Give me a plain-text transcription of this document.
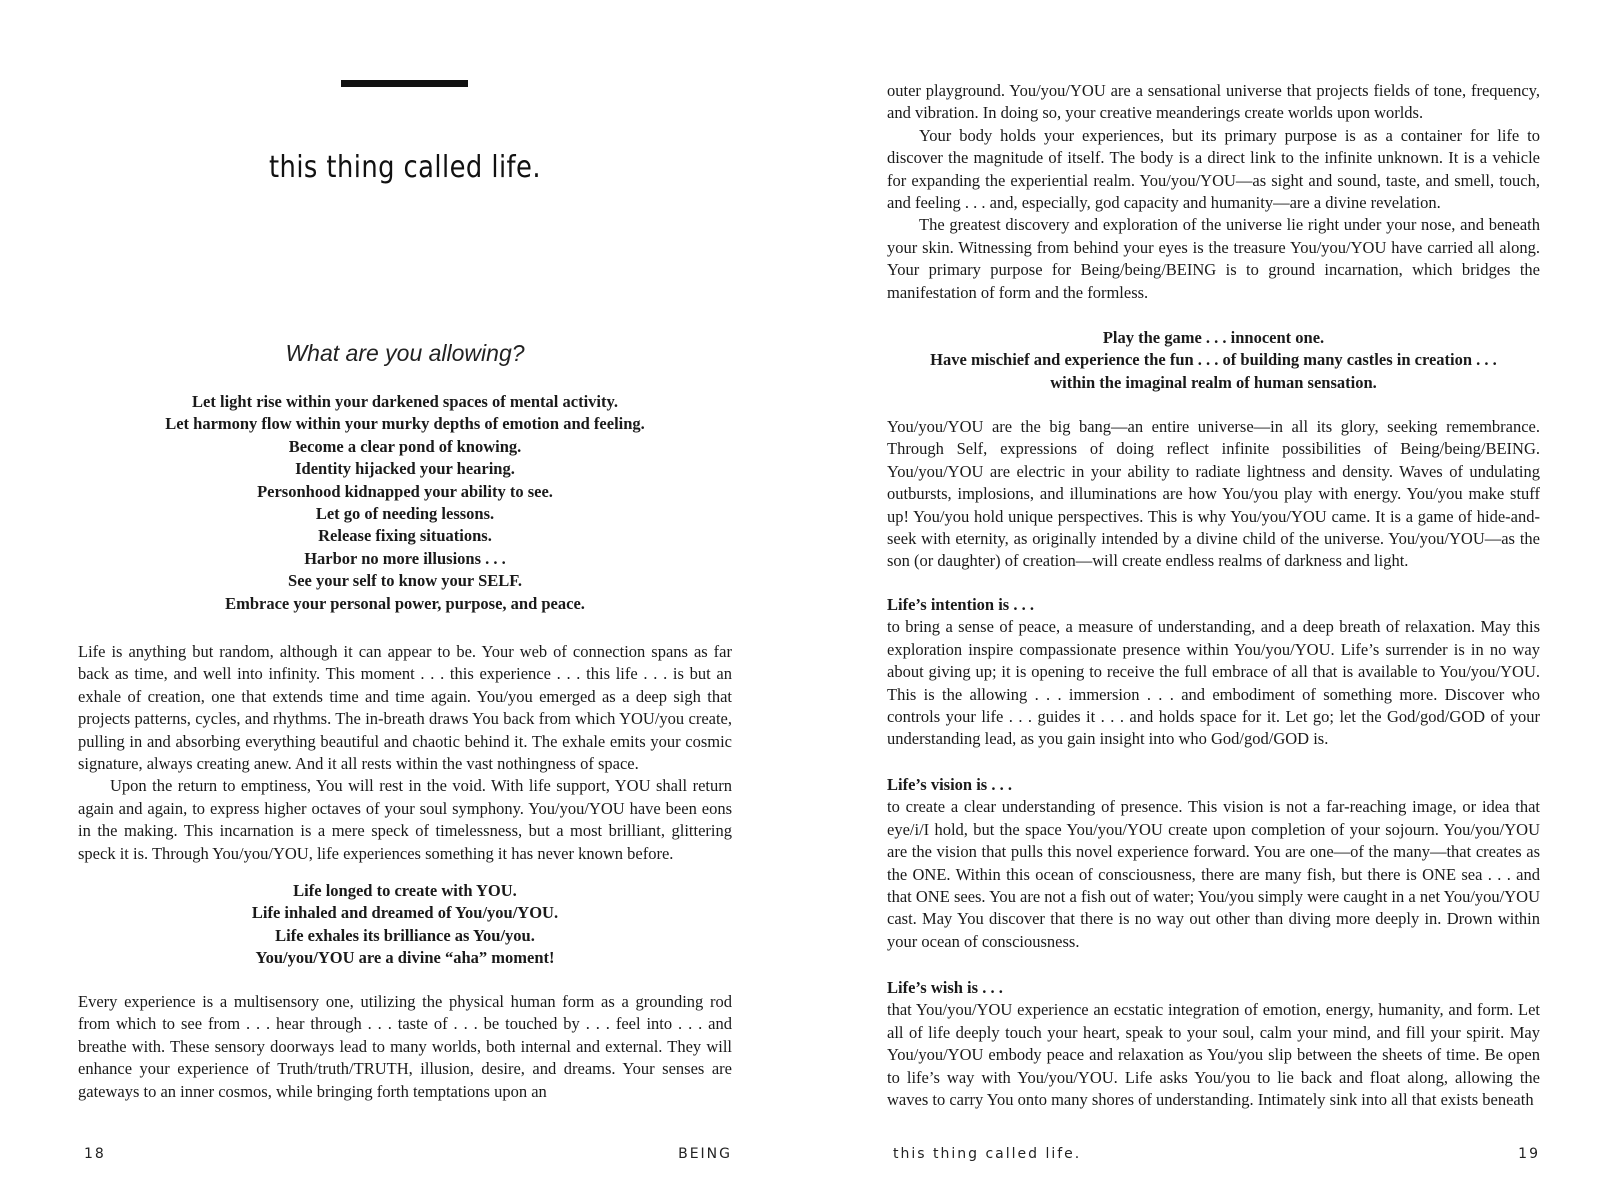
this thing called life.
What are you allowing?
Let light rise within your darkened spaces of mental activity.
Let harmony flow within your murky depths of emotion and feeling.
Become a clear pond of knowing.
Identity hijacked your hearing.
Personhood kidnapped your ability to see.
Let go of needing lessons.
Release fixing situations.
Harbor no more illusions . . .
See your self to know your SELF.
Embrace your personal power, purpose, and peace.

Life is anything but random, although it can appear to be. Your web of connection spans as far back as time, and well into infinity. This moment . . . this experience . . . this life . . . is but an exhale of creation, one that extends time and time again. You/you emerged as a deep sigh that projects patterns, cycles, and rhythms. The in-breath draws You back from which YOU/you create, pulling in and absorbing everything beautiful and chaotic behind it. The exhale emits your cosmic signature, always creating anew. And it all rests within the vast nothingness of space.

Upon the return to emptiness, You will rest in the void. With life support, YOU shall return again and again, to express higher octaves of your soul symphony. You/you/YOU have been eons in the making. This incarnation is a mere speck of timelessness, but a most brilliant, glittering speck it is. Through You/you/YOU, life experiences something it has never known before.

Life longed to create with YOU.
Life inhaled and dreamed of You/you/YOU.
Life exhales its brilliance as You/you.
You/you/YOU are a divine “aha” moment!

Every experience is a multisensory one, utilizing the physical human form as a grounding rod from which to see from . . . hear through . . . taste of . . . be touched by . . . feel into . . . and breathe with. These sensory doorways lead to many worlds, both internal and external. They will enhance your experience of Truth/truth/TRUTH, illusion, desire, and dreams. Your senses are gateways to an inner cosmos, while bringing forth temptations upon an

18	BEING

outer playground. You/you/YOU are a sensational universe that projects fields of tone, frequency, and vibration. In doing so, your creative meanderings create worlds upon worlds.

Your body holds your experiences, but its primary purpose is as a container for life to discover the magnitude of itself. The body is a direct link to the infinite unknown. It is a vehicle for expanding the experiential realm. You/you/YOU—as sight and sound, taste, and smell, touch, and feeling . . . and, especially, god capacity and humanity—are a divine revelation.

The greatest discovery and exploration of the universe lie right under your nose, and beneath your skin. Witnessing from behind your eyes is the treasure You/you/YOU have carried all along. Your primary purpose for Being/being/BEING is to ground incarnation, which bridges the manifestation of form and the formless.

Play the game . . . innocent one.
Have mischief and experience the fun . . . of building many castles in creation . . .
within the imaginal realm of human sensation.

You/you/YOU are the big bang—an entire universe—in all its glory, seeking remembrance. Through Self, expressions of doing reflect infinite possibilities of Being/being/BEING. You/you/YOU are electric in your ability to radiate lightness and density. Waves of undulating outbursts, implosions, and illuminations are how You/you play with energy. You/you make stuff up! You/you hold unique perspectives. This is why You/you/YOU came. It is a game of hide-and-seek with eternity, as originally intended by a divine child of the universe. You/you/YOU—as the son (or daughter) of creation—will create endless realms of darkness and light.

Life’s intention is . . .
to bring a sense of peace, a measure of understanding, and a deep breath of relaxation. May this exploration inspire compassionate presence within You/you/YOU. Life’s surrender is in no way about giving up; it is opening to receive the full embrace of all that is available to You/you/YOU. This is the allowing . . . immersion . . . and embodiment of something more. Discover who controls your life . . . guides it . . . and holds space for it. Let go; let the God/god/GOD of your understanding lead, as you gain insight into who God/god/GOD is.
Life’s vision is . . .
to create a clear understanding of presence. This vision is not a far-reaching image, or idea that eye/i/I hold, but the space You/you/YOU create upon completion of your sojourn. You/you/YOU are the vision that pulls this novel experience forward. You are one—of the many—that creates as the ONE. Within this ocean of consciousness, there are many fish, but there is ONE sea . . . and that ONE sees. You are not a fish out of water; You/you simply were caught in a net You/you/YOU cast. May You discover that there is no way out other than diving more deeply in. Drown within your ocean of consciousness.
Life’s wish is . . .
that You/you/YOU experience an ecstatic integration of emotion, energy, humanity, and form. Let all of life deeply touch your heart, speak to your soul, calm your mind, and fill your spirit. May You/you/YOU embody peace and relaxation as You/you slip between the sheets of time. Be open to life’s way with You/you/YOU. Life asks You/you to lie back and float along, allowing the waves to carry You onto many shores of understanding. Intimately sink into all that exists beneath
this thing called life.	19
